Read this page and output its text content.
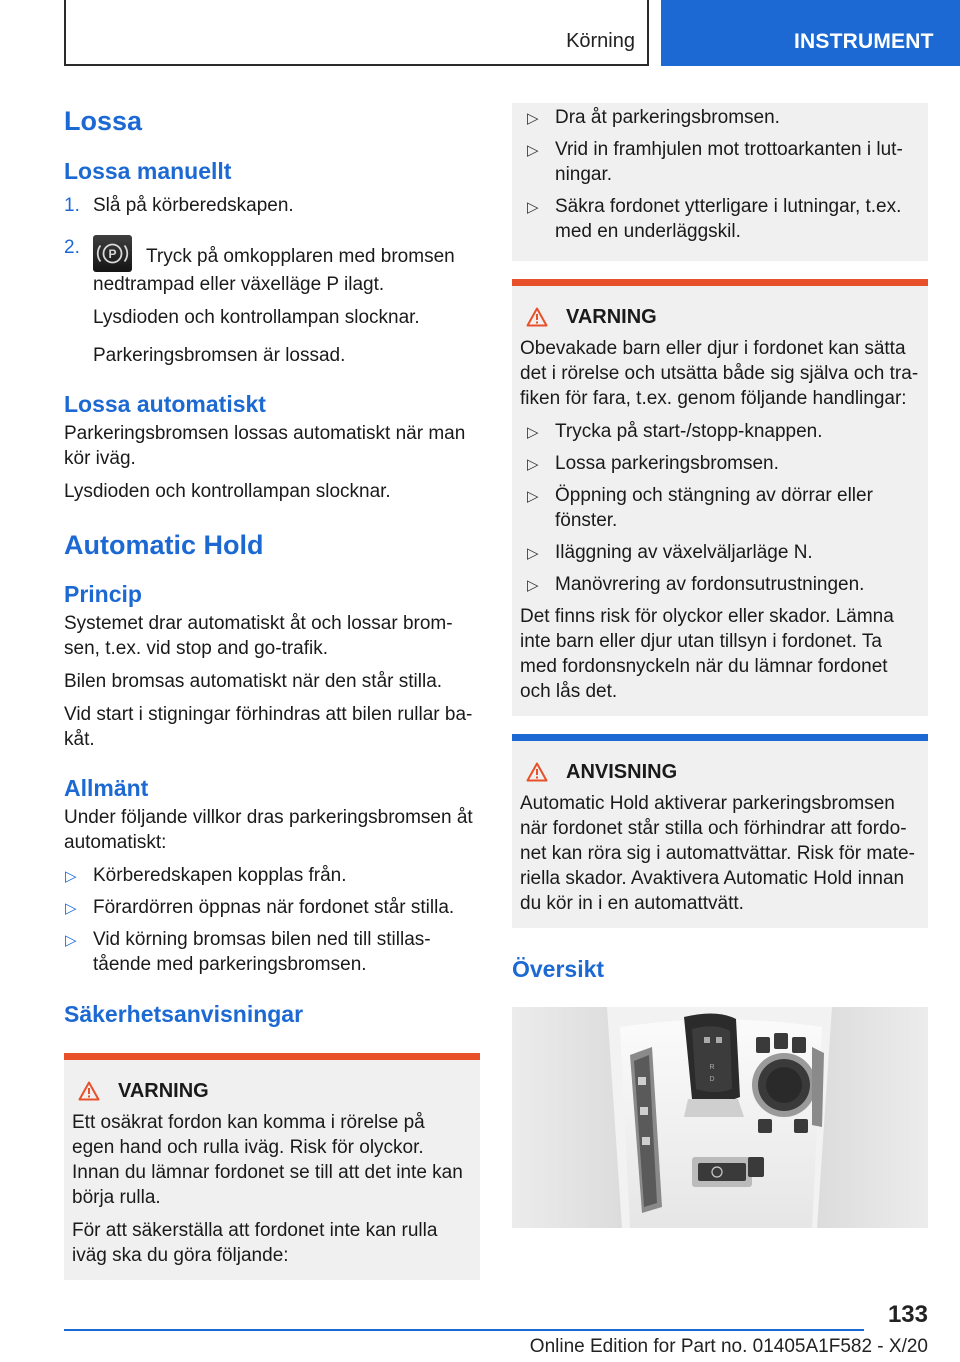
Körning	INSTRUMENT
Lossa
Lossa manuellt
1. Slå på körberedskapen.
2. P Tryck på omkopplaren med bromsen nedtrampad eller växelläge P ilagt.

Lysdioden och kontrollampan slocknar.

Parkeringsbromsen är lossad.

Lossa automatiskt

Parkeringsbromsen lossas automatiskt när man kör iväg.

Lysdioden och kontrollampan slocknar.

Automatic Hold
Princip

Systemet drar automatiskt åt och lossar bromsen, t.ex. vid stop and go-trafik.

Bilen bromsas automatiskt när den står stilla.

Vid start i stigningar förhindras att bilen rullar bakåt.

Allmänt

Under följande villkor dras parkeringsbromsen åt automatiskt:

▷ Körberedskapen kopplas från.
▷ Förardörren öppnas när fordonet står stilla.
▷ Vid körning bromsas bilen ned till stillastående med parkeringsbromsen.
Säkerhetsanvisningar
VARNING

Ett osäkrat fordon kan komma i rörelse på egen hand och rulla iväg. Risk för olyckor. Innan du lämnar fordonet se till att det inte kan börja rulla.

För att säkerställa att fordonet inte kan rulla iväg ska du göra följande:

▷ Dra åt parkeringsbromsen.
▷ Vrid in framhjulen mot trottoarkanten i lutningar.
▷ Säkra fordonet ytterligare i lutningar, t.ex. med en underläggskil.
VARNING

Obevakade barn eller djur i fordonet kan sätta det i rörelse och utsätta både sig själva och trafiken för fara, t.ex. genom följande handlingar:

▷ Trycka på start-/stopp-knappen.
▷ Lossa parkeringsbromsen.
▷ Öppning och stängning av dörrar eller fönster.
▷ Iläggning av växelväljarläge N.
▷ Manövrering av fordonsutrustningen.

Det finns risk för olyckor eller skador. Lämna inte barn eller djur utan tillsyn i fordonet. Ta med fordonsnyckeln när du lämnar fordonet och lås det.

ANVISNING

Automatic Hold aktiverar parkeringsbromsen när fordonet står stilla och förhindrar att fordonet kan röra sig i automattvättar. Risk för materiella skador. Avaktivera Automatic Hold innan du kör in i en automattvätt.

Översikt
R
D
133
Online Edition for Part no. 01405A1F582 - X/20
